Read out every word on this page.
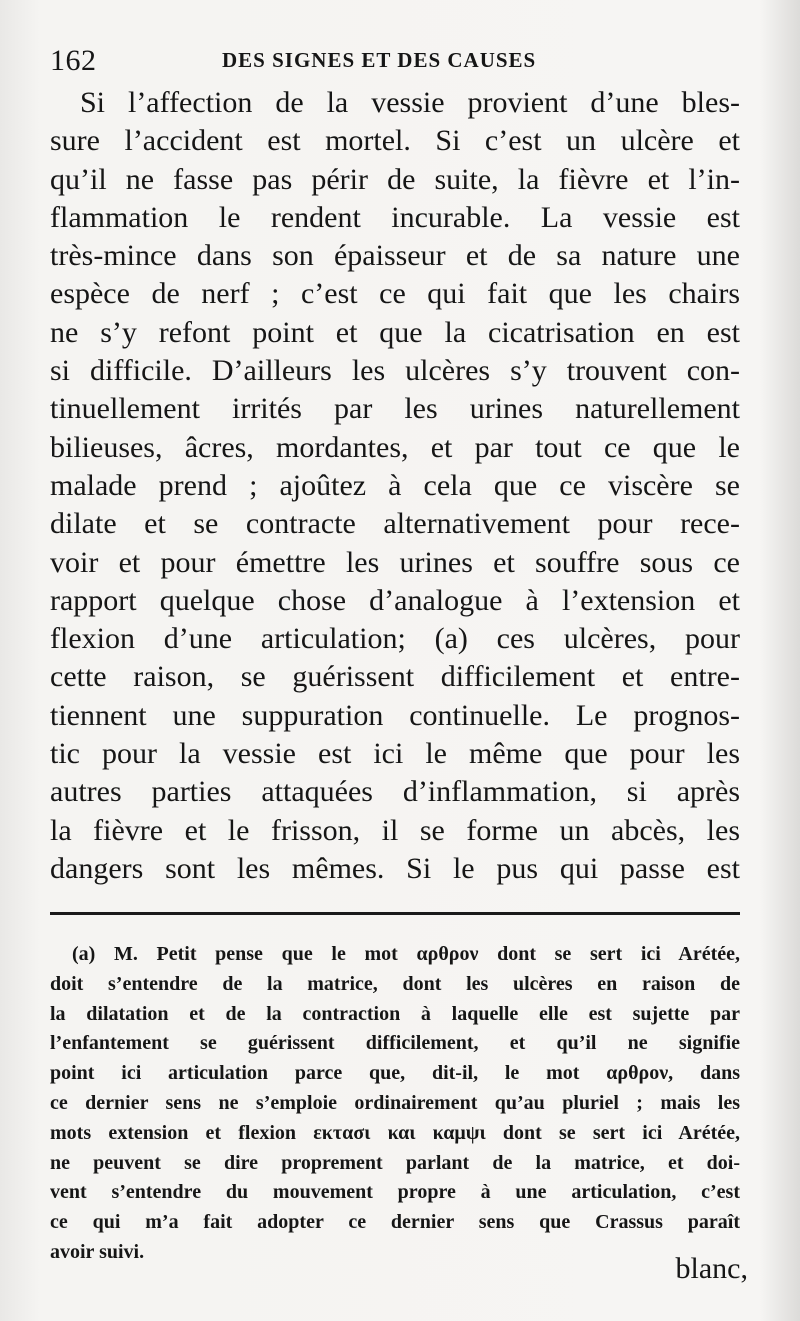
162	DES SIGNES ET DES CAUSES
Si l’affection de la vessie provient d’une bles-
sure l’accident est mortel. Si c’est un ulcère et
qu’il ne fasse pas périr de suite, la fièvre et l’in-
flammation le rendent incurable. La vessie est
très-mince dans son épaisseur et de sa nature une
espèce de nerf ; c’est ce qui fait que les chairs
ne s’y refont point et que la cicatrisation en est
si difficile. D’ailleurs les ulcères s’y trouvent con-
tinuellement irrités par les urines naturellement
bilieuses, âcres, mordantes, et par tout ce que le
malade prend ; ajoûtez à cela que ce viscère se
dilate et se contracte alternativement pour rece-
voir et pour émettre les urines et souffre sous ce
rapport quelque chose d’analogue à l’extension et
flexion d’une articulation; (a) ces ulcères, pour
cette raison, se guérissent difficilement et entre-
tiennent une suppuration continuelle. Le prognos-
tic pour la vessie est ici le même que pour les
autres parties attaquées d’inflammation, si après
la fièvre et le frisson, il se forme un abcès, les
dangers sont les mêmes. Si le pus qui passe est
(a) M. Petit pense que le mot αρθρον dont se sert ici Arétée,
doit s’entendre de la matrice, dont les ulcères en raison de
la dilatation et de la contraction à laquelle elle est sujette par
l’enfantement se guérissent difficilement, et qu’il ne signifie
point ici articulation parce que, dit-il, le mot αρθρον, dans
ce dernier sens ne s’emploie ordinairement qu’au pluriel ; mais les
mots extension et flexion εκτασι και καμψι dont se sert ici Arétée,
ne peuvent se dire proprement parlant de la matrice, et doi-
vent s’entendre du mouvement propre à une articulation, c’est
ce qui m’a fait adopter ce dernier sens que Crassus paraît
avoir suivi.
blanc,
